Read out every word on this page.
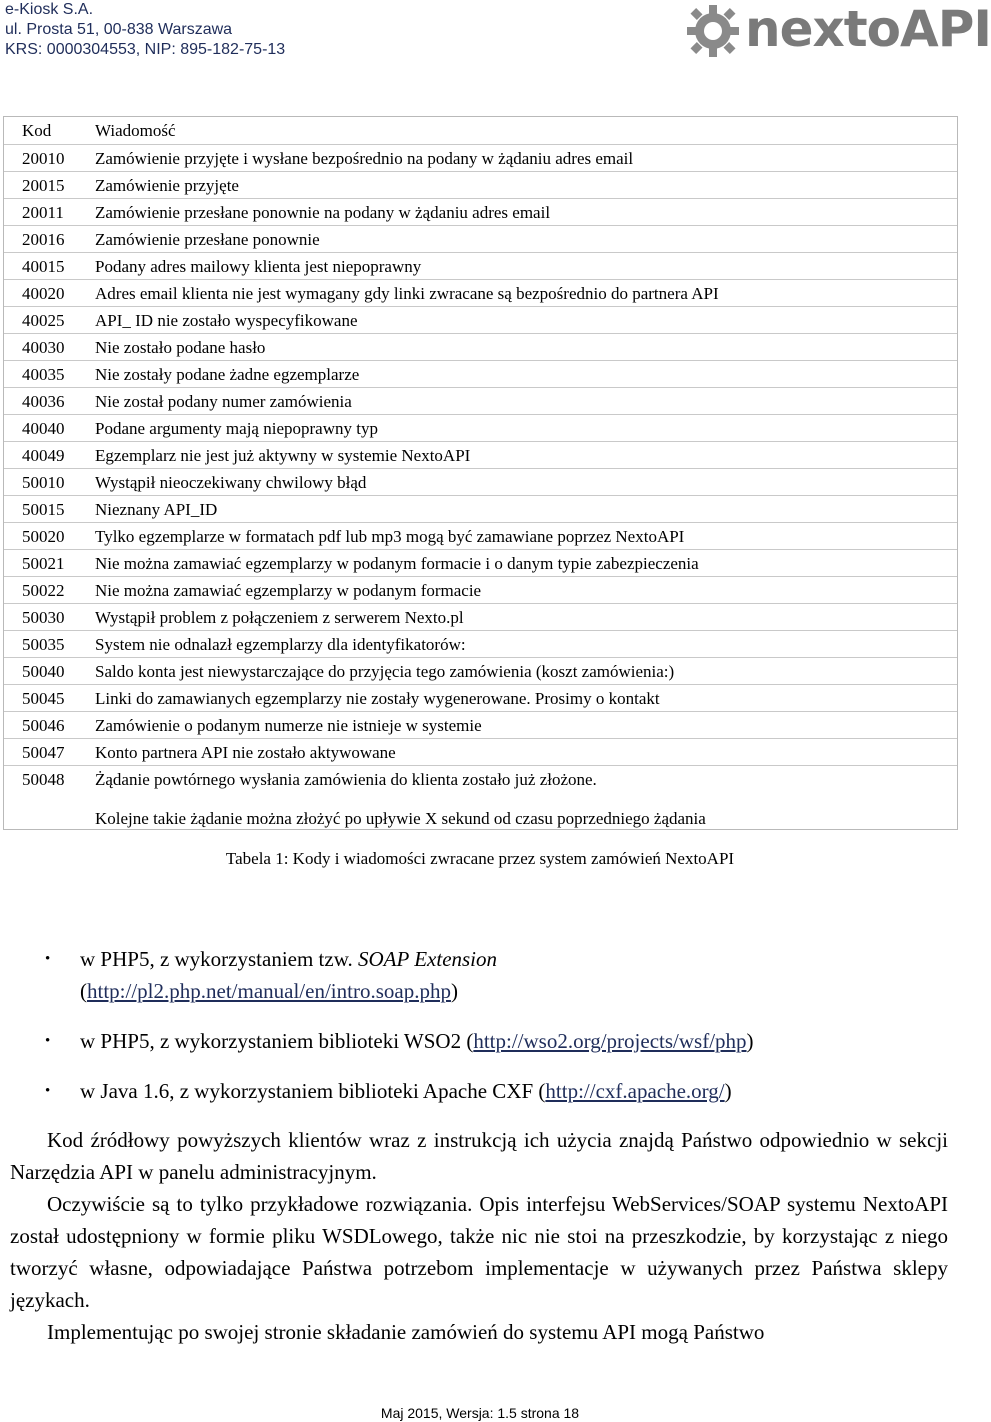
e-Kiosk S.A.
ul. Prosta 51, 00-838 Warszawa
KRS: 0000304553, NIP: 895-182-75-13	nextoAPI
Kod	Wiadomość
20010 Zamówienie przyjęte i wysłane bezpośrednio na podany w żądaniu adres email
20015 Zamówienie przyjęte
20011 Zamówienie przesłane ponownie na podany w żądaniu adres email
20016 Zamówienie przesłane ponownie
40015 Podany adres mailowy klienta jest niepoprawny
40020 Adres email klienta nie jest wymagany gdy linki zwracane są bezpośrednio do partnera API
40025 API_ ID nie zostało wyspecyfikowane
40030 Nie zostało podane hasło
40035 Nie zostały podane żadne egzemplarze
40036 Nie został podany numer zamówienia
40040 Podane argumenty mają niepoprawny typ
40049 Egzemplarz nie jest już aktywny w systemie NextoAPI
50010 Wystąpił nieoczekiwany chwilowy błąd
50015 Nieznany API_ID
50020 Tylko egzemplarze w formatach pdf lub mp3 mogą być zamawiane poprzez NextoAPI
50021 Nie można zamawiać egzemplarzy w podanym formacie i o danym typie zabezpieczenia
50022 Nie można zamawiać egzemplarzy w podanym formacie
50030 Wystąpił problem z połączeniem z serwerem Nexto.pl
50035 System nie odnalazł egzemplarzy dla identyfikatorów:
50040 Saldo konta jest niewystarczające do przyjęcia tego zamówienia (koszt zamówienia:)
50045 Linki do zamawianych egzemplarzy nie zostały wygenerowane. Prosimy o kontakt
50046 Zamówienie o podanym numerze nie istnieje w systemie
50047 Konto partnera API nie zostało aktywowane
50048 Żądanie powtórnego wysłania zamówienia do klienta zostało już złożone.
Kolejne takie żądanie można złożyć po upływie X sekund od czasu poprzedniego żądania
Tabela 1: Kody i wiadomości zwracane przez system zamówień NextoAPI
• w PHP5, z wykorzystaniem tzw. SOAP Extension
(http://pl2.php.net/manual/en/intro.soap.php)
• w PHP5, z wykorzystaniem biblioteki WSO2 (http://wso2.org/projects/wsf/php)
• w Java 1.6, z wykorzystaniem biblioteki Apache CXF (http://cxf.apache.org/)

Kod źródłowy powyższych klientów wraz z instrukcją ich użycia znajdą Państwo odpowiednio w sekcji Narzędzia API w panelu administracyjnym.

Oczywiście są to tylko przykładowe rozwiązania. Opis interfejsu WebServices/SOAP systemu NextoAPI został udostępniony w formie pliku WSDLowego, także nic nie stoi na przeszkodzie, by korzystając z niego tworzyć własne, odpowiadające Państwa potrzebom implementacje w używanych przez Państwa sklepy językach.

Implementując po swojej stronie składanie zamówień do systemu API mogą Państwo

Maj 2015, Wersja: 1.5 strona 18
